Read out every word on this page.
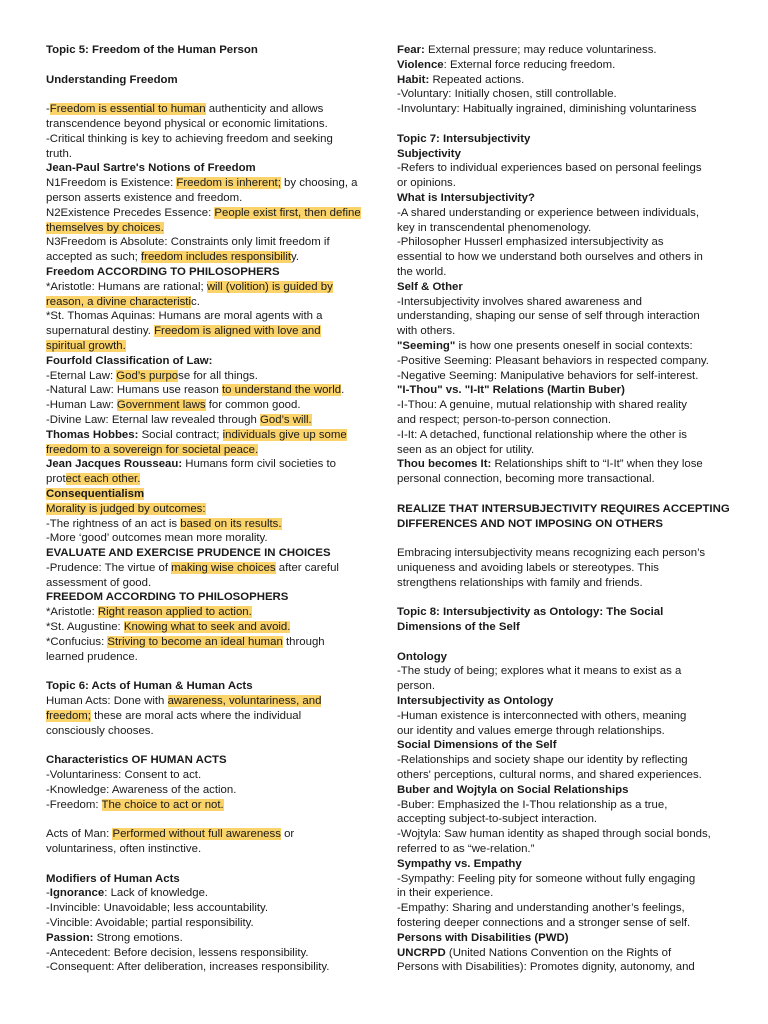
Topic 5: Freedom of the Human Person
Understanding Freedom
-Freedom is essential to human authenticity and allows
transcendence beyond physical or economic limitations.
-Critical thinking is key to achieving freedom and seeking
truth.
Jean-Paul Sartre's Notions of Freedom
N1Freedom is Existence: Freedom is inherent; by choosing, a
person asserts existence and freedom.
N2Existence Precedes Essence: People exist first, then define
themselves by choices.
N3Freedom is Absolute: Constraints only limit freedom if
accepted as such; freedom includes responsibility.
Freedom ACCORDING TO PHILOSOPHERS
*Aristotle: Humans are rational; will (volition) is guided by
reason, a divine characteristic.
*St. Thomas Aquinas: Humans are moral agents with a
supernatural destiny. Freedom is aligned with love and
spiritual growth.
Fourfold Classification of Law:
-Eternal Law: God’s purpose for all things.
-Natural Law: Humans use reason to understand the world.
-Human Law: Government laws for common good.
-Divine Law: Eternal law revealed through God’s will.
Thomas Hobbes: Social contract; individuals give up some
freedom to a sovereign for societal peace.
Jean Jacques Rousseau: Humans form civil societies to
protect each other.
Consequentialism
Morality is judged by outcomes:
-The rightness of an act is based on its results.
-More ‘good’ outcomes mean more morality.
EVALUATE AND EXERCISE PRUDENCE IN CHOICES
-Prudence: The virtue of making wise choices after careful
assessment of good.
FREEDOM ACCORDING TO PHILOSOPHERS
*Aristotle: Right reason applied to action.
*St. Augustine: Knowing what to seek and avoid.
*Confucius: Striving to become an ideal human through
learned prudence.
Topic 6: Acts of Human & Human Acts
Human Acts: Done with awareness, voluntariness, and
freedom; these are moral acts where the individual
consciously chooses.
Characteristics OF HUMAN ACTS
-Voluntariness: Consent to act.
-Knowledge: Awareness of the action.
-Freedom: The choice to act or not.
Acts of Man: Performed without full awareness or
voluntariness, often instinctive.
Modifiers of Human Acts
-Ignorance: Lack of knowledge.
-Invincible: Unavoidable; less accountability.
-Vincible: Avoidable; partial responsibility.
Passion: Strong emotions.
-Antecedent: Before decision, lessens responsibility.
-Consequent: After deliberation, increases responsibility.
Fear: External pressure; may reduce voluntariness.
Violence: External force reducing freedom.
Habit: Repeated actions.
-Voluntary: Initially chosen, still controllable.
-Involuntary: Habitually ingrained, diminishing voluntariness
Topic 7: Intersubjectivity
Subjectivity
-Refers to individual experiences based on personal feelings
or opinions.
What is Intersubjectivity?
-A shared understanding or experience between individuals,
key in transcendental phenomenology.
-Philosopher Husserl emphasized intersubjectivity as
essential to how we understand both ourselves and others in
the world.
Self & Other
-Intersubjectivity involves shared awareness and
understanding, shaping our sense of self through interaction
with others.
"Seeming" is how one presents oneself in social contexts:
-Positive Seeming: Pleasant behaviors in respected company.
-Negative Seeming: Manipulative behaviors for self-interest.
"I-Thou" vs. "I-It" Relations (Martin Buber)
-I-Thou: A genuine, mutual relationship with shared reality
and respect; person-to-person connection.
-I-It: A detached, functional relationship where the other is
seen as an object for utility.
Thou becomes It: Relationships shift to “I-It” when they lose
personal connection, becoming more transactional.
REALIZE THAT INTERSUBJECTIVITY REQUIRES ACCEPTING
DIFFERENCES AND NOT IMPOSING ON OTHERS
Embracing intersubjectivity means recognizing each person’s
uniqueness and avoiding labels or stereotypes. This
strengthens relationships with family and friends.
Topic 8: Intersubjectivity as Ontology: The Social
Dimensions of the Self
Ontology
-The study of being; explores what it means to exist as a
person.
Intersubjectivity as Ontology
-Human existence is interconnected with others, meaning
our identity and values emerge through relationships.
Social Dimensions of the Self
-Relationships and society shape our identity by reflecting
others' perceptions, cultural norms, and shared experiences.
Buber and Wojtyla on Social Relationships
-Buber: Emphasized the I-Thou relationship as a true,
accepting subject-to-subject interaction.
-Wojtyla: Saw human identity as shaped through social bonds,
referred to as “we-relation.”
Sympathy vs. Empathy
-Sympathy: Feeling pity for someone without fully engaging
in their experience.
-Empathy: Sharing and understanding another’s feelings,
fostering deeper connections and a stronger sense of self.
Persons with Disabilities (PWD)
UNCRPD (United Nations Convention on the Rights of
Persons with Disabilities): Promotes dignity, autonomy, and
